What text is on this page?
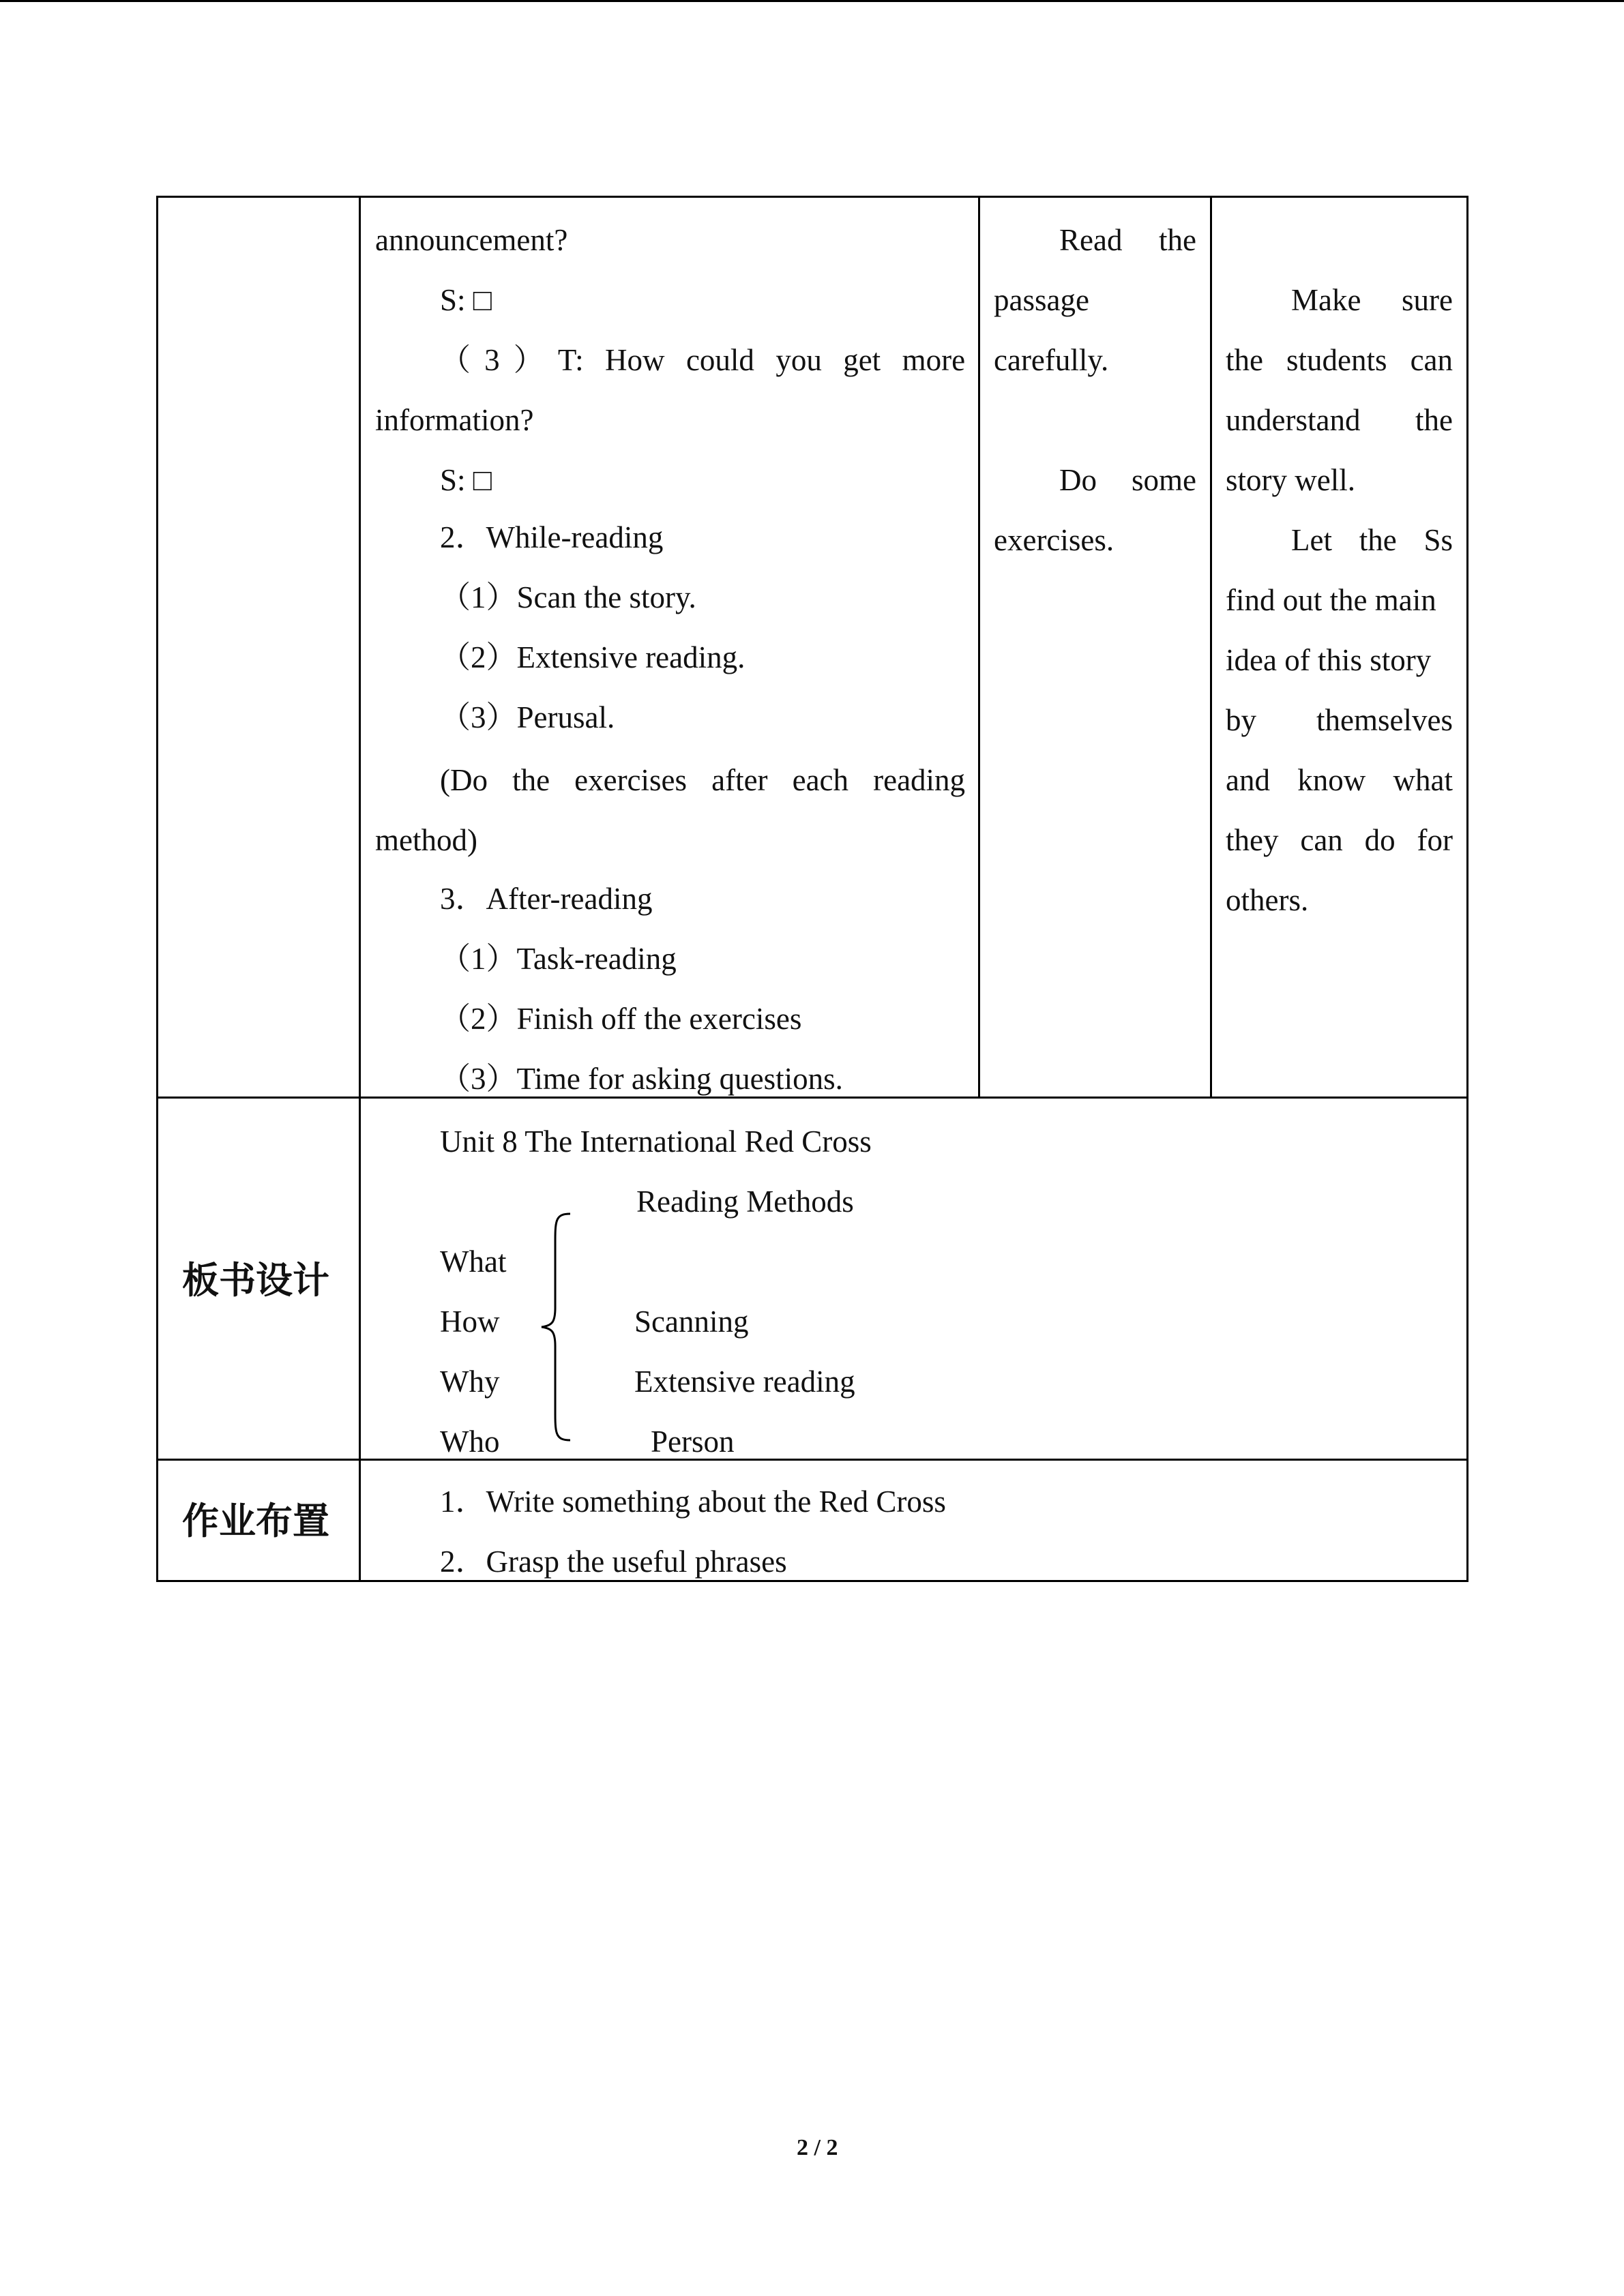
announcement?
S: □
（3）T: How could you get more
information?
S: □
2．While-reading
（1）Scan the story.
（2）Extensive reading.
（3）Perusal.
(Do the exercises after each reading
method)
3．After-reading
（1）Task-reading
（2）Finish off the exercises
（3）Time for asking questions.
Read the
passage
carefully.
Do some
exercises.
Make sure
the students can
understand the
story well.
Let the Ss
find out the main
idea of this story
by themselves
and know what
they can do for
others.
板书设计
Unit 8 The International Red Cross
Reading Methods
What
How
Why
Who
Scanning
Extensive reading
Person
作业布置	1．Write something about the Red Cross
2．Grasp the useful phrases
2 / 2
